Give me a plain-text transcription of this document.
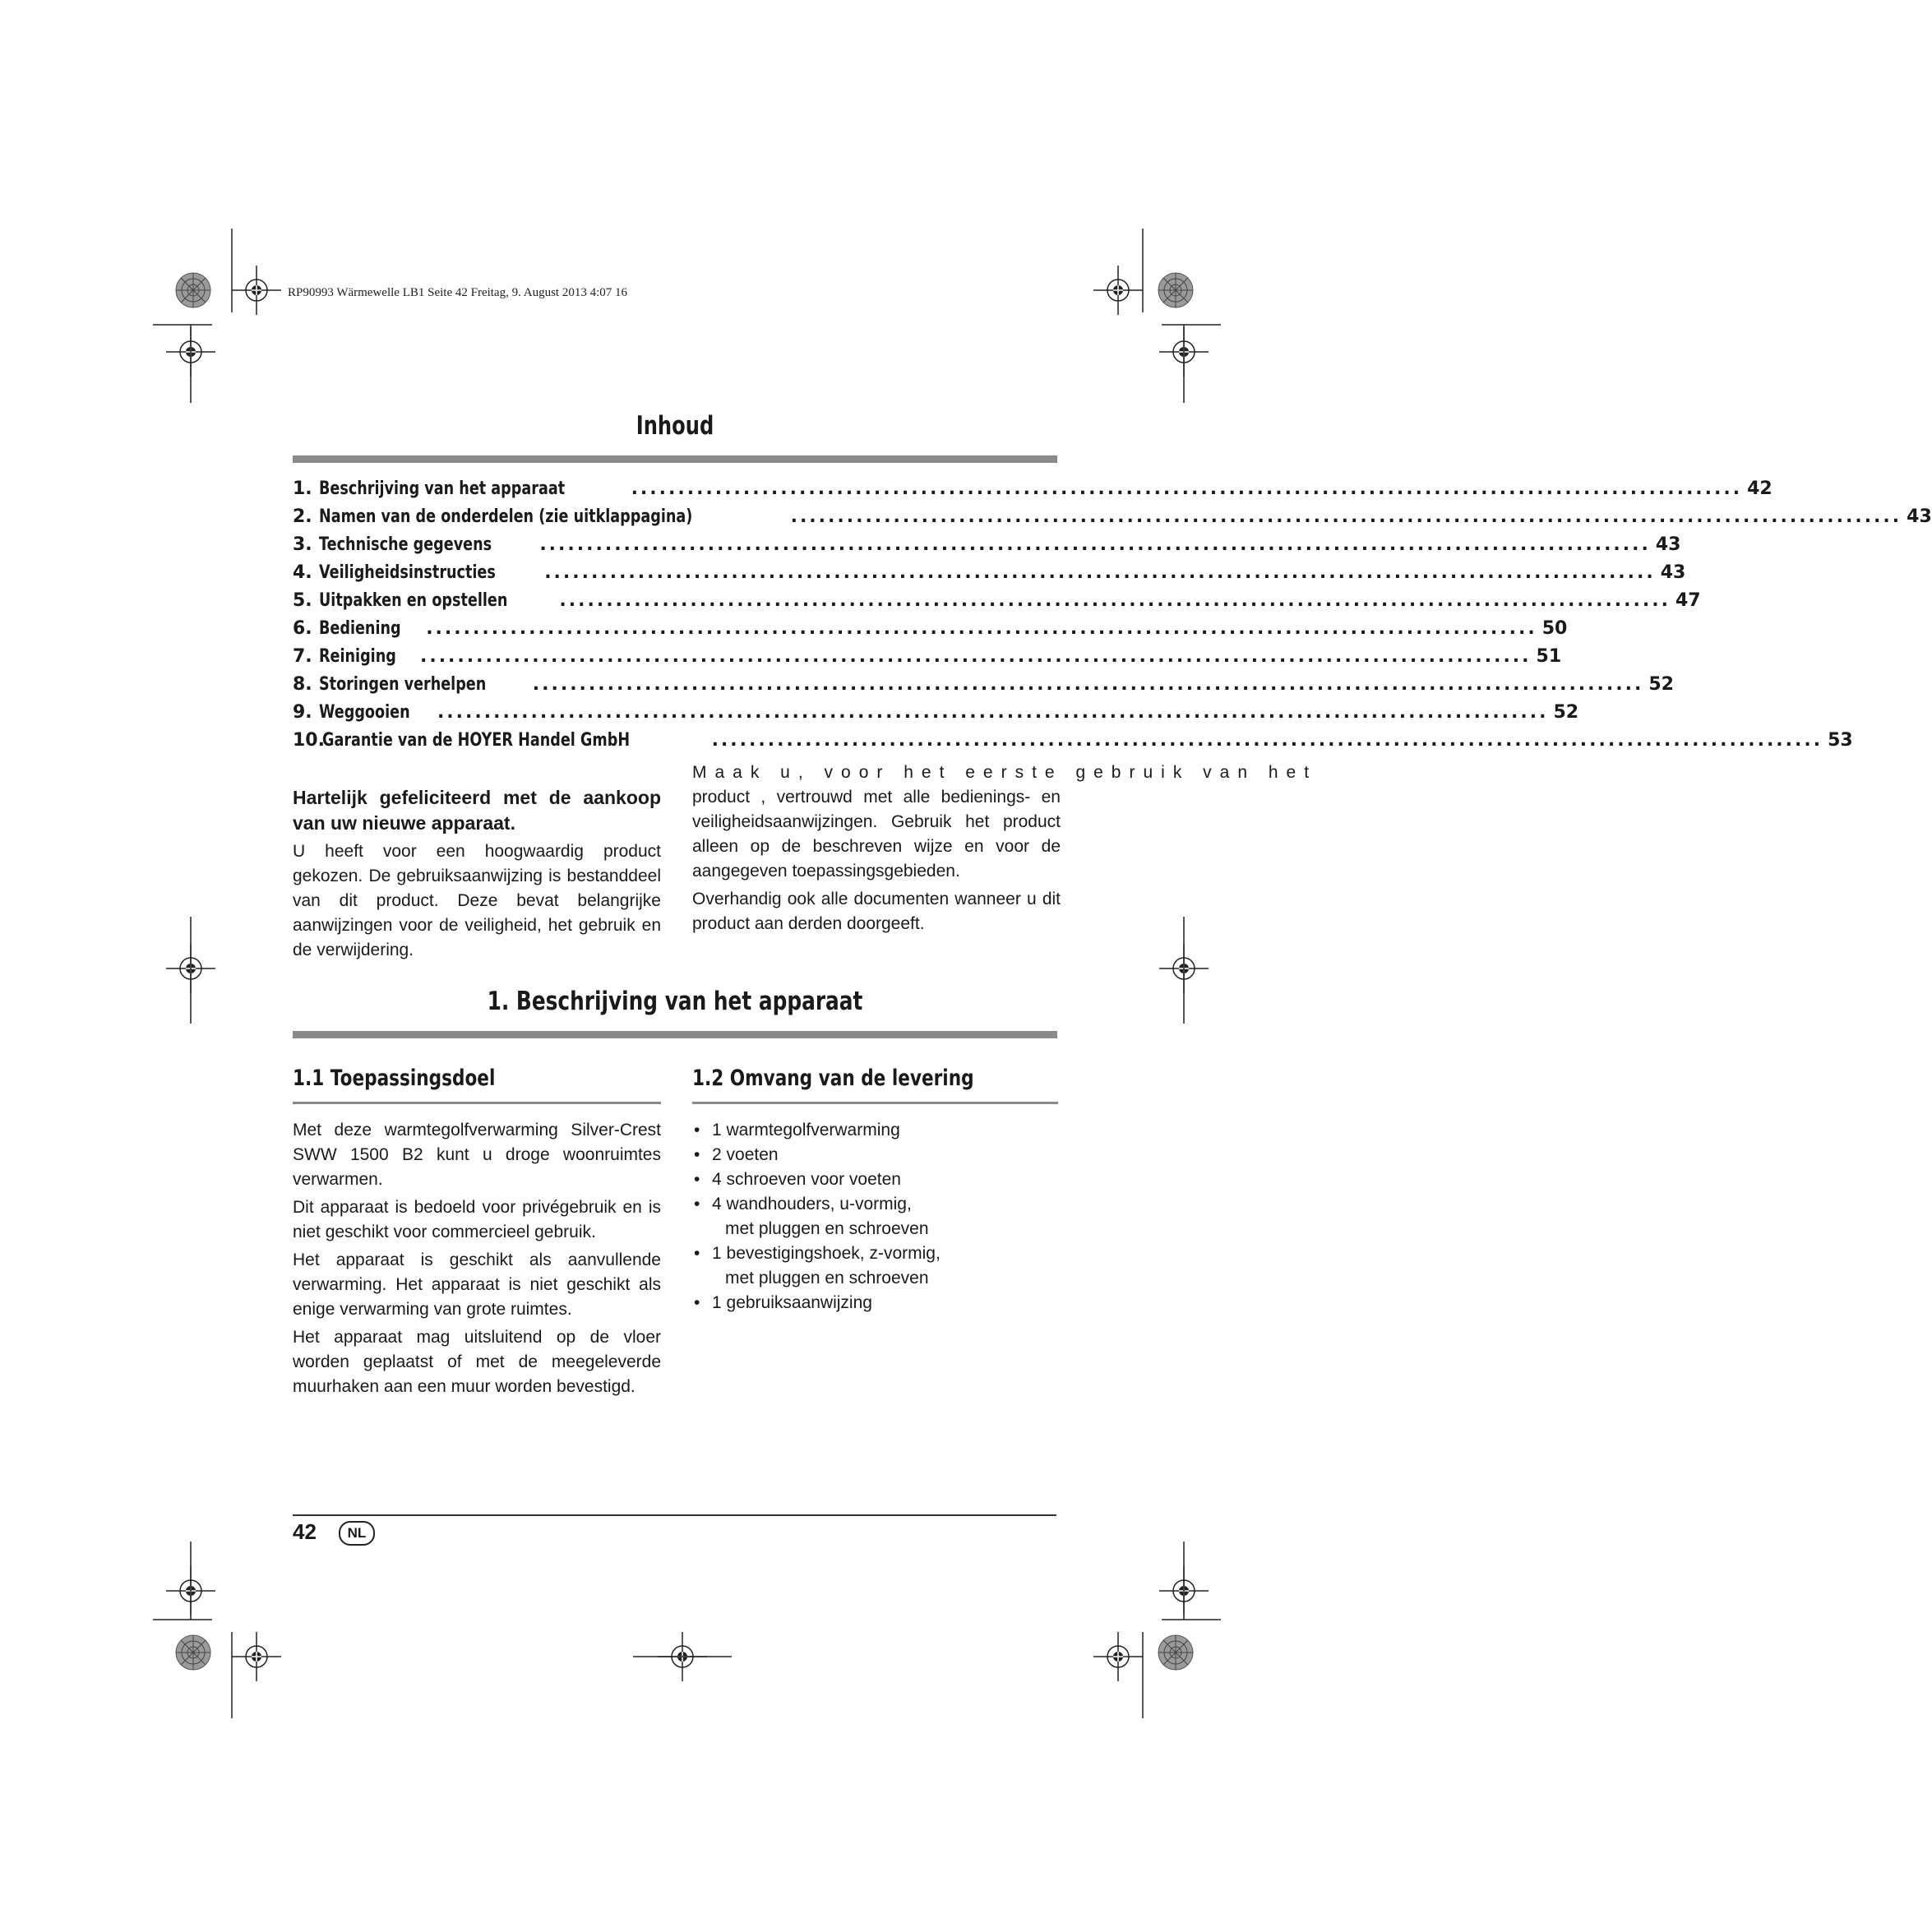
RP90993 Wärmewelle LB1 Seite 42 Freitag, 9. August 2013 4:07 16
Inhoud
1. Beschrijving van het apparaat	....................................................................................................................... 42
2. Namen van de onderdelen (zie uitklappagina)	....................................................................................................................... 43
3. Technische gegevens	....................................................................................................................... 43
4. Veiligheidsinstructies	....................................................................................................................... 43
5. Uitpakken en opstellen	....................................................................................................................... 47
6. Bediening ....................................................................................................................... 50
7. Reiniging ....................................................................................................................... 51
8. Storingen verhelpen	....................................................................................................................... 52
9. Weggooien ....................................................................................................................... 52
10.
Garantie van de HOYER Handel GmbH	....................................................................................................................... 53
Hartelijk gefeliciteerd met de aankoop van uw nieuwe apparaat.

U heeft voor een hoogwaardig product gekozen. De gebruiksaanwijzing is bestanddeel van dit product. Deze bevat belangrijke aanwijzingen voor de veiligheid, het gebruik en de verwijdering.

Maak u, voor het eerste gebruik van het

product , vertrouwd met alle bedienings- en veiligheidsaanwijzingen. Gebruik het product alleen op de beschreven wijze en voor de aangegeven toepassingsgebieden.

Overhandig ook alle documenten wanneer u dit product aan derden doorgeeft.

1. Beschrijving van het apparaat
1.1 Toepassingsdoel	1.2 Omvang van de levering

Met deze warmtegolfverwarming Silver-Crest SWW 1500 B2 kunt u droge woonruimtes verwarmen.

Dit apparaat is bedoeld voor privégebruik en is niet geschikt voor commercieel gebruik.

Het apparaat is geschikt als aanvullende verwarming. Het apparaat is niet geschikt als enige verwarming van grote ruimtes.

Het apparaat mag uitsluitend op de vloer worden geplaatst of met de meegeleverde muurhaken aan een muur worden bevestigd.

• 1 warmtegolfverwarming
• 2 voeten
• 4 schroeven voor voeten
• 4 wandhouders, u-vormig,
met pluggen en schroeven
• 1 bevestigingshoek, z-vormig,
met pluggen en schroeven
• 1 gebruiksaanwijzing
42	NL
